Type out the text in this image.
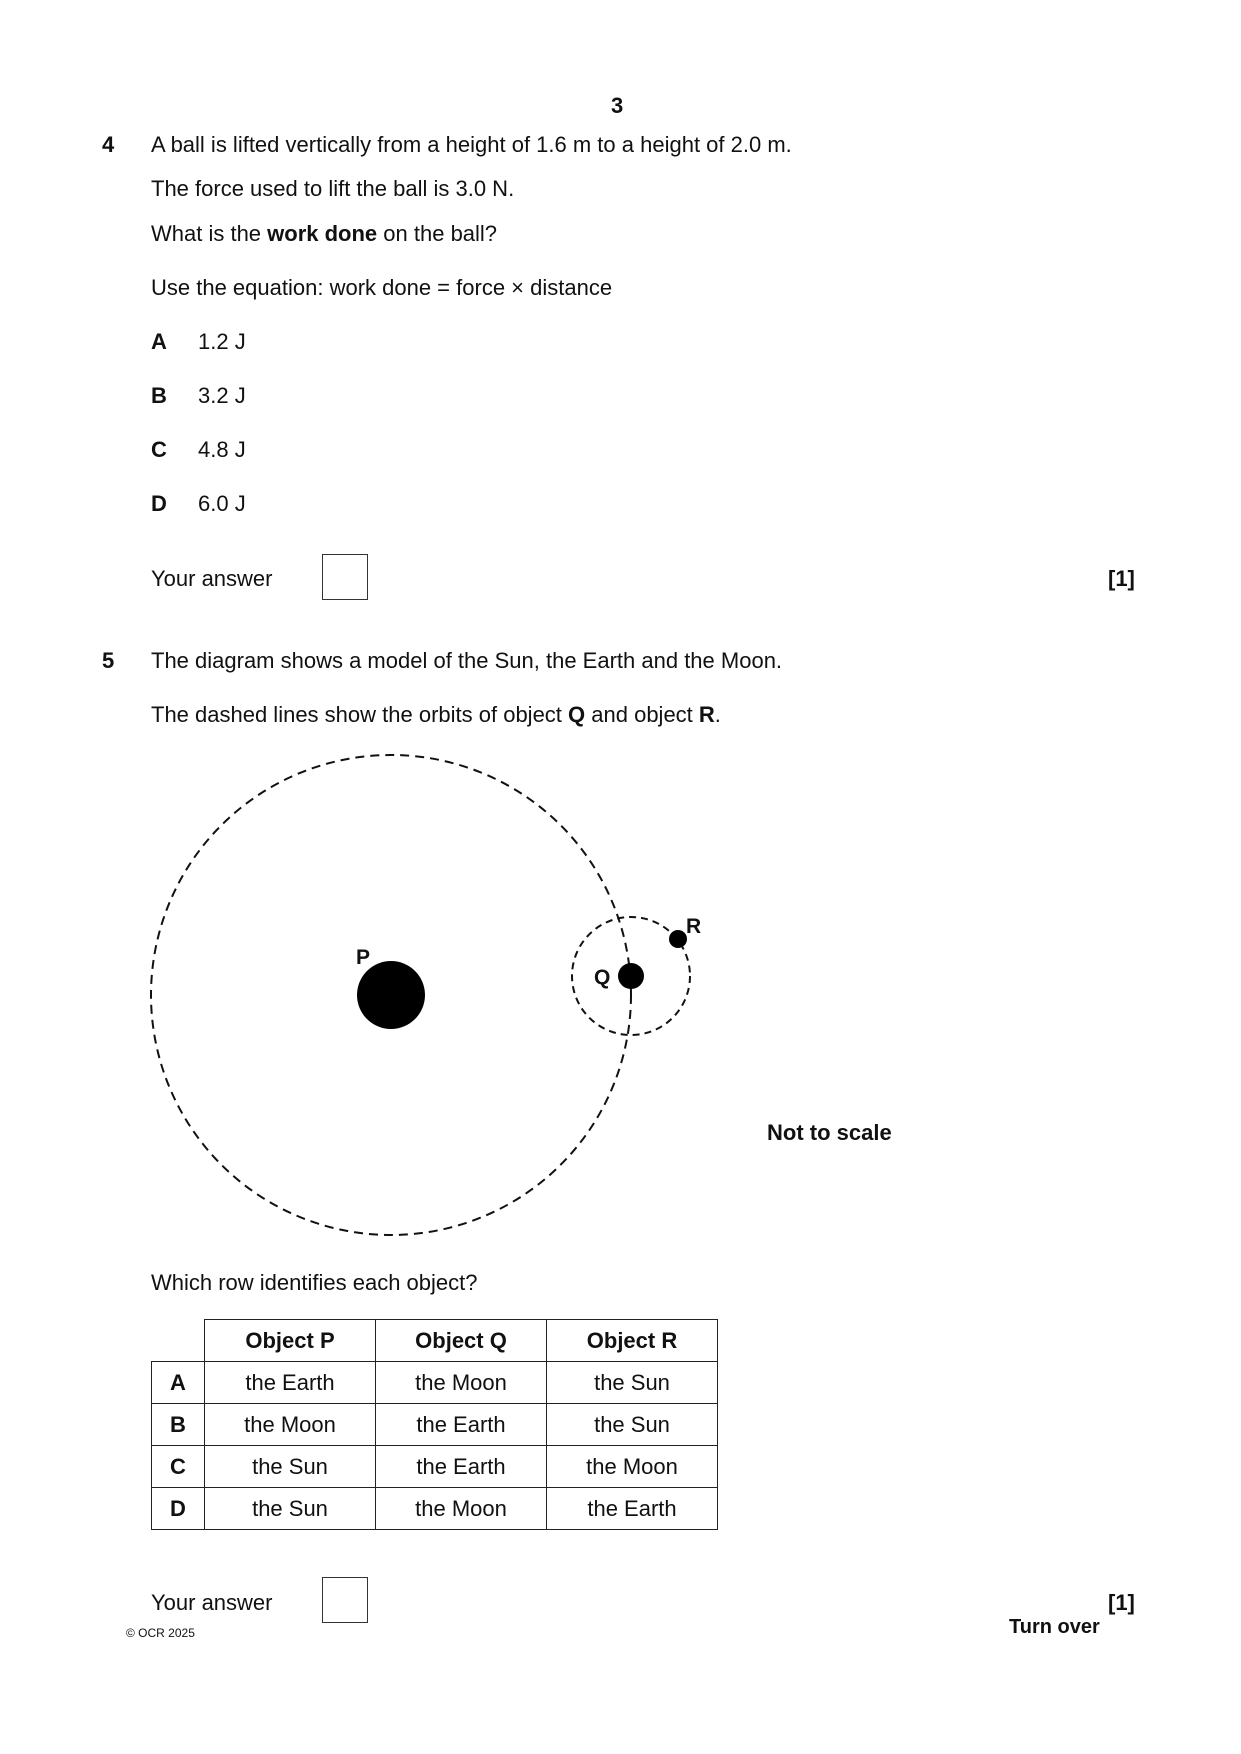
3
4 A ball is lifted vertically from a height of 1.6 m to a height of 2.0 m.
The force used to lift the ball is 3.0 N.
What is the work done on the ball?
Use the equation: work done = force × distance
A 1.2 J
B 3.2 J
C 4.8 J
D 6.0 J
Your answer	[1]
5 The diagram shows a model of the Sun, the Earth and the Moon.
The dashed lines show the orbits of object Q and object R.
P
Q
R
Not to scale
Which row identifies each object?
	Object P	Object Q	Object R
A	the Earth	the Moon	the Sun
B	the Moon	the Earth	the Sun
C	the Sun	the Earth	the Moon
D	the Sun	the Moon	the Earth
Your answer	[1]
© OCR 2025	Turn over
